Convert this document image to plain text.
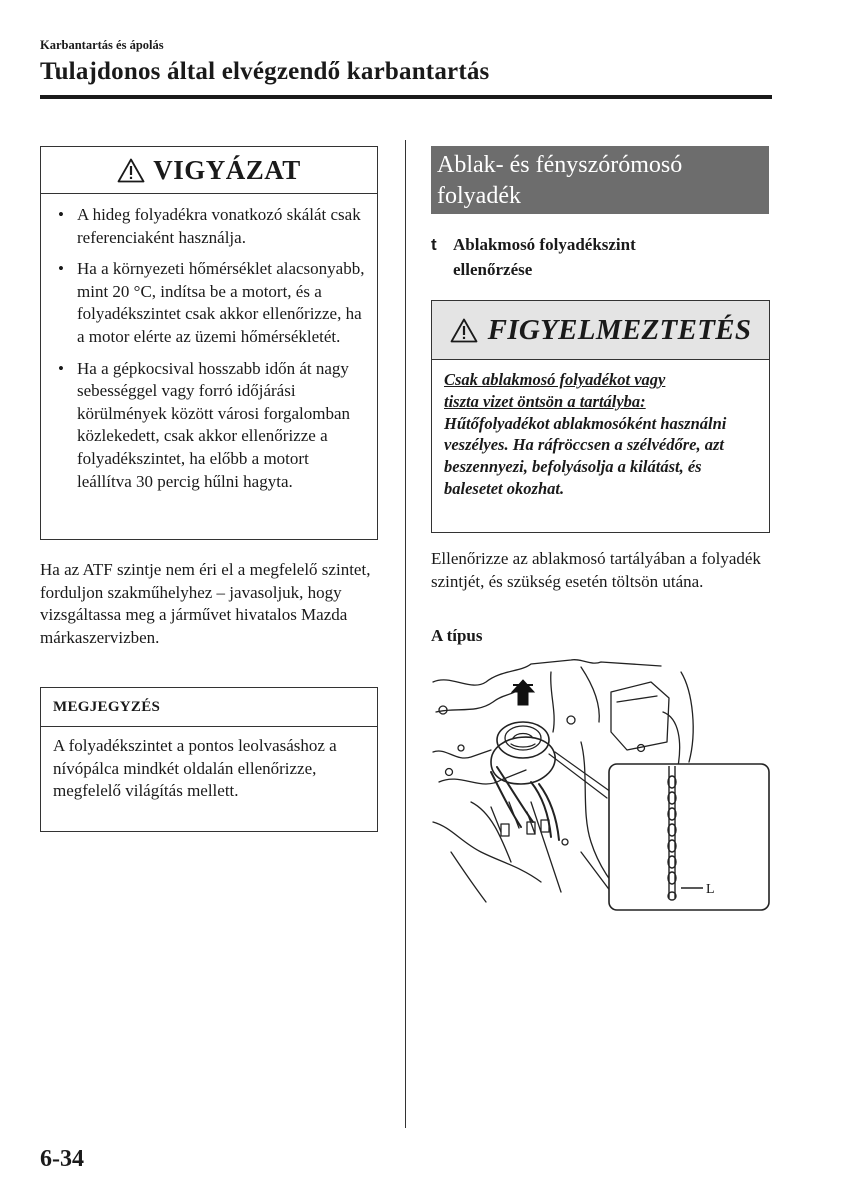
Karbantartás és ápolás
Tulajdonos által elvégzendő karbantartás
VIGYÁZAT
• A hideg folyadékra vonatkozó skálát csak referenciaként használja.
• Ha a környezeti hőmérséklet alacsonyabb, mint 20 °C, indítsa be a motort, és a folyadékszintet csak akkor ellenőrizze, ha a motor elérte az üzemi hőmérsékletét.
• Ha a gépkocsival hosszabb időn át nagy sebességgel vagy forró időjárási körülmények között városi forgalomban közlekedett, csak akkor ellenőrizze a folyadékszintet, ha előbb a motort leállítva 30 percig hűlni hagyta.
Ha az ATF szintje nem éri el a megfelelő szintet, forduljon szakműhelyhez – javasoljuk, hogy vizsgáltassa meg a járművet hivatalos Mazda márkaszervizben.
MEGJEGYZÉS
A folyadékszintet a pontos leolvasáshoz a nívópálca mindkét oldalán ellenőrizze, megfelelő világítás mellett.
Ablak- és fényszórómosó folyadék
t Ablakmosó folyadékszint
ellenőrzése
FIGYELMEZTETÉS
Csak ablakmosó folyadékot vagy
tiszta vizet öntsön a tartályba:
Hűtőfolyadékot ablakmosóként használni veszélyes. Ha ráfröccsen a szélvédőre, azt beszennyezi, befolyásolja a kilátást, és balesetet okozhat.
Ellenőrizze az ablakmosó tartályában a folyadék szintjét, és szükség esetén töltsön utána.
A típus
L
6-34
